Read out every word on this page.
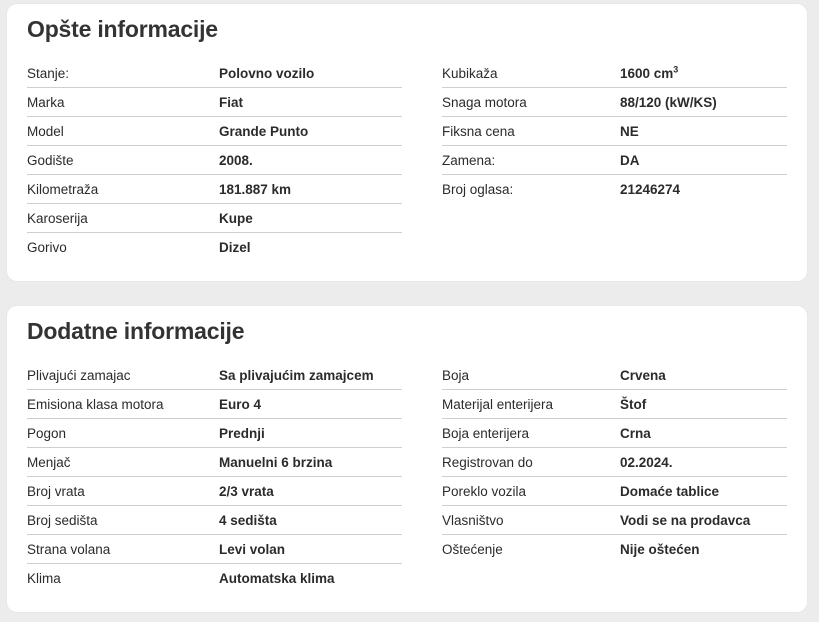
Opšte informacije
Stanje:	Polovno vozilo
Marka	Fiat
Model	Grande Punto
Godište	2008.
Kilometraža	181.887 km
Karoserija	Kupe
Gorivo	Dizel
Kubikaža	1600 $cm^3$
Snaga motora	88/120 (kW/KS)
Fiksna cena	NE
Zamena:	DA
Broj oglasa:	21246274
Dodatne informacije
Plivajući zamajac	Sa plivajućim zamajcem
Emisiona klasa motora	Euro 4
Pogon	Prednji
Menjač	Manuelni 6 brzina
Broj vrata	2/3 vrata
Broj sedišta	4 sedišta
Strana volana	Levi volan
Klima	Automatska klima
Boja	Crvena
Materijal enterijera	Štof
Boja enterijera	Crna
Registrovan do	02.2024.
Poreklo vozila	Domaće tablice
Vlasništvo	Vodi se na prodavca
Oštećenje	Nije oštećen
